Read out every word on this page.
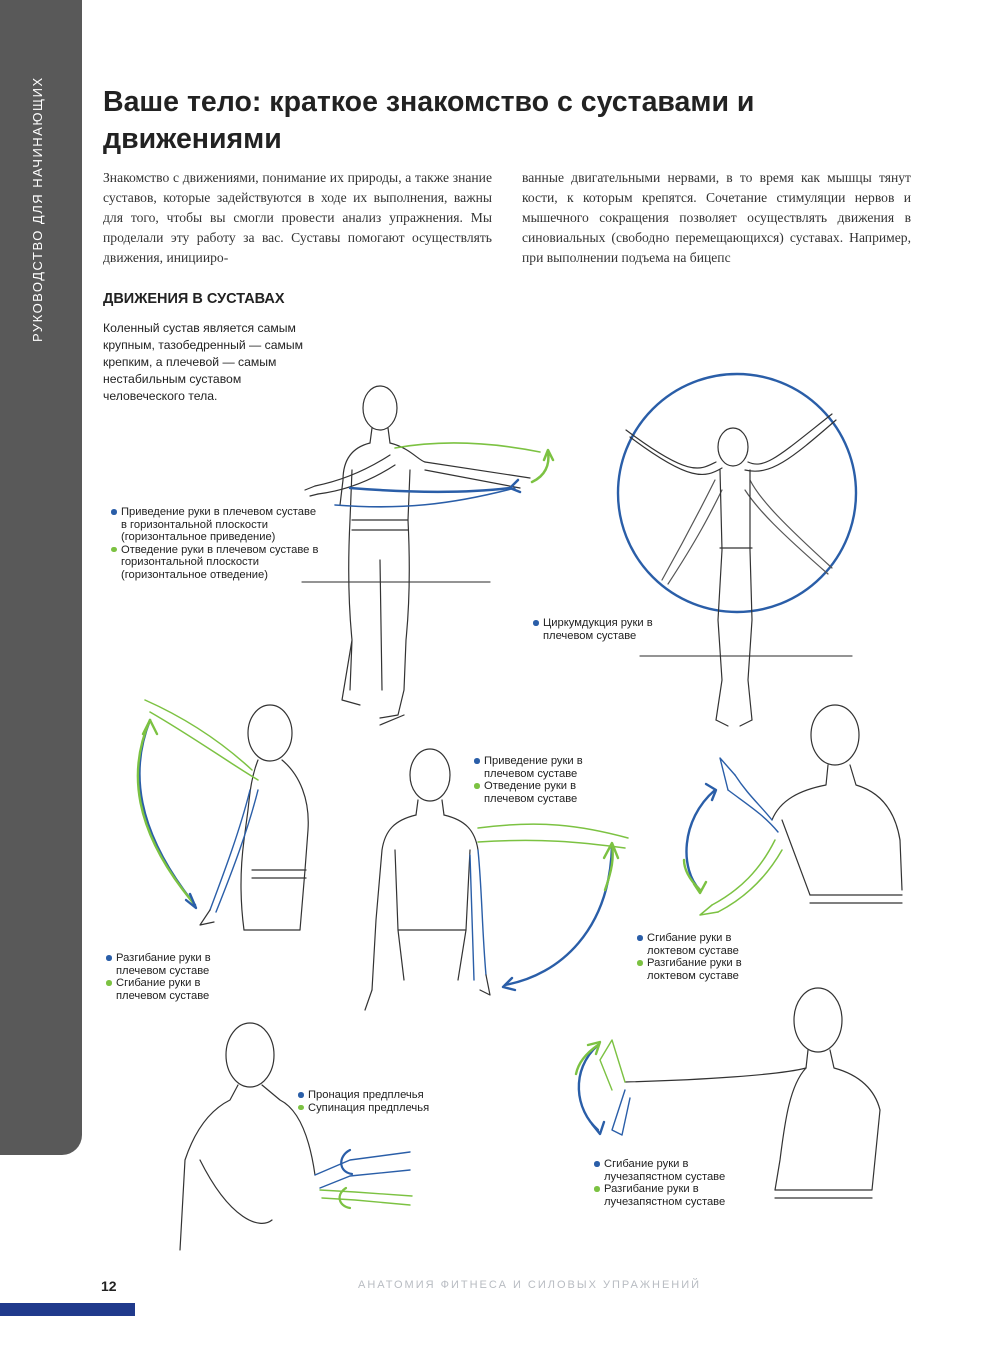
РУКОВОДСТВО ДЛЯ НАЧИНАЮЩИХ	Ваше тело: краткое знакомство с суставами и движениями
Знакомство с движениями, понимание их природы, а также знание суставов, которые задействуются в ходе их выполнения, важны для того, чтобы вы смогли провести анализ упражнения. Мы проделали эту работу за вас. Суставы помогают осуществлять движения, иницииро-
ванные двигательными нервами, в то время как мышцы тянут кости, к которым крепятся. Сочетание стимуляции нервов и мышечного сокращения позволяет осуществлять движения в синовиальных (свободно перемещающихся) суставах. Например, при выполнении подъема на бицепс
ДВИЖЕНИЯ В СУСТАВАХ
Коленный сустав является самым крупным, тазобедренный — самым крепким, а плечевой — самым нестабильным суставом человеческого тела.
Приведение руки в плечевом суставе в горизонтальной плоскости (горизонтальное приведение)
Отведение руки в плечевом суставе в горизонтальной плоскости (горизонтальное отведение)
Циркумдукция руки в плечевом суставе
Разгибание руки в плечевом суставе
Сгибание руки в плечевом суставе
Приведение руки в плечевом суставе
Отведение руки в плечевом суставе
Сгибание руки в локтевом суставе
Разгибание руки в локтевом суставе
Пронация предплечья
Супинация предплечья
Сгибание руки в лучезапястном суставе
Разгибание руки в лучезапястном суставе
12	АНАТОМИЯ ФИТНЕСА И СИЛОВЫХ УПРАЖНЕНИЙ
